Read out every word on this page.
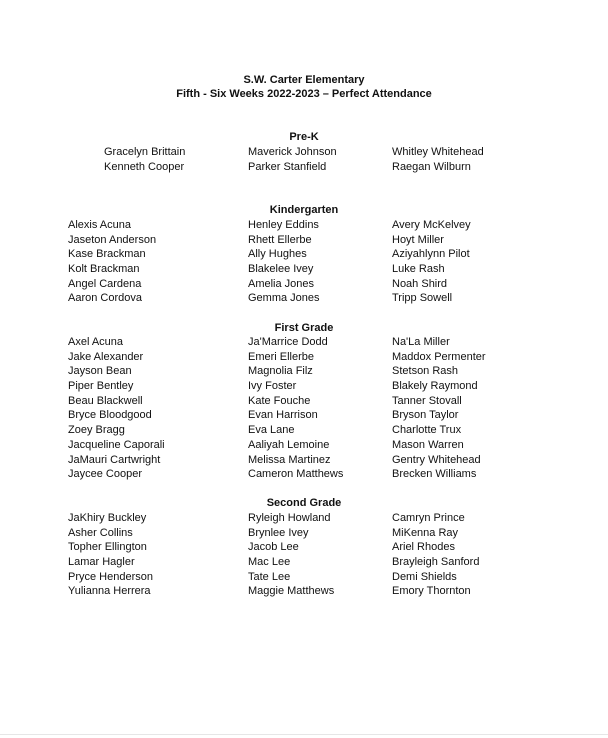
S.W. Carter Elementary
Fifth - Six Weeks 2022-2023 – Perfect Attendance
Pre-K
Gracelyn Brittain
Kenneth Cooper
Maverick Johnson
Parker Stanfield
Whitley Whitehead
Raegan Wilburn
Kindergarten
Alexis Acuna
Jaseton Anderson
Kase Brackman
Kolt Brackman
Angel Cardena
Aaron Cordova
Henley Eddins
Rhett Ellerbe
Ally Hughes
Blakelee Ivey
Amelia Jones
Gemma Jones
Avery McKelvey
Hoyt Miller
Aziyahlynn Pilot
Luke Rash
Noah Shird
Tripp Sowell
First Grade
Axel Acuna
Jake Alexander
Jayson Bean
Piper Bentley
Beau Blackwell
Bryce Bloodgood
Zoey Bragg
Jacqueline Caporali
JaMauri Cartwright
Jaycee Cooper
Ja'Marrice Dodd
Emeri Ellerbe
Magnolia Filz
Ivy Foster
Kate Fouche
Evan Harrison
Eva Lane
Aaliyah Lemoine
Melissa Martinez
Cameron Matthews
Na'La Miller
Maddox Permenter
Stetson Rash
Blakely Raymond
Tanner Stovall
Bryson Taylor
Charlotte Trux
Mason Warren
Gentry Whitehead
Brecken Williams
Second Grade
JaKhiry Buckley
Asher Collins
Topher Ellington
Lamar Hagler
Pryce Henderson
Yulianna Herrera
Ryleigh Howland
Brynlee Ivey
Jacob Lee
Mac Lee
Tate Lee
Maggie Matthews
Camryn Prince
MiKenna Ray
Ariel Rhodes
Brayleigh Sanford
Demi Shields
Emory Thornton
